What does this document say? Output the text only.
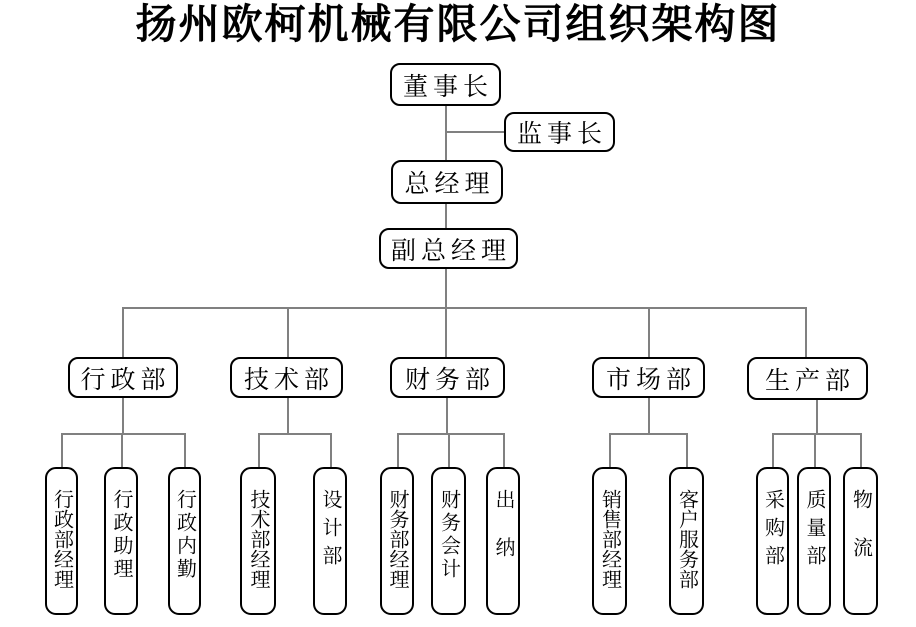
扬州欧柯机械有限公司组织架构图
董事长
监事长
总经理
副总经理
行政部	技术部	财务部	市场部	生产部
行政部经理 行政助理 行政内勤	技术部经理	设计部 财务部经理 财务会计 出纳	销售部经理	客户服务部	采购部 质量部 物流
